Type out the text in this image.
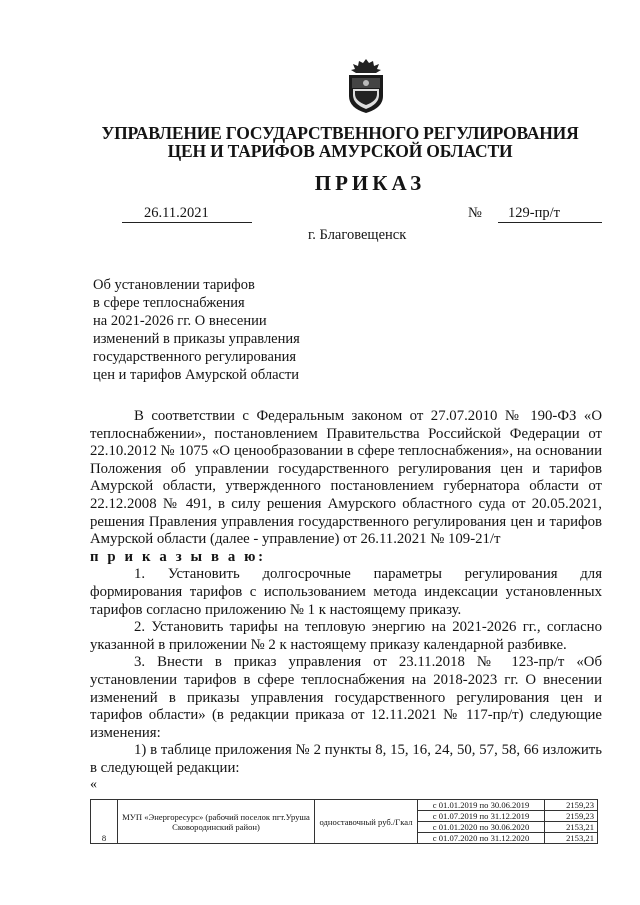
УПРАВЛЕНИЕ ГОСУДАРСТВЕННОГО РЕГУЛИРОВАНИЯ
ЦЕН И ТАРИФОВ АМУРСКОЙ ОБЛАСТИ
ПРИКАЗ
26.11.2021	№	129-пр/т
г. Благовещенск
Об установлении тарифов
в сфере теплоснабжения
на 2021-2026 гг. О внесении
изменений в приказы управления
государственного регулирования
цен и тарифов Амурской области

В соответствии с Федеральным законом от 27.07.2010 № 190-ФЗ «О теплоснабжении», постановлением Правительства Российской Федерации от 22.10.2012 № 1075 «О ценообразовании в сфере теплоснабжения», на основании Положения об управлении государственного регулирования цен и тарифов Амурской области, утвержденного постановлением губернатора области от 22.12.2008 № 491, в силу решения Амурского областного суда от 20.05.2021, решения Правления управления государственного регулирования цен и тарифов Амурской области (далее - управление) от 26.11.2021 № 109-21/т

п р и к а з ы в а ю:

1. Установить долгосрочные параметры регулирования для формирования тарифов с использованием метода индексации установленных тарифов согласно приложению № 1 к настоящему приказу.

2. Установить тарифы на тепловую энергию на 2021-2026 гг., согласно указанной в приложении № 2 к настоящему приказу календарной разбивке.

3. Внести в приказ управления от 23.11.2018 № 123-пр/т «Об установлении тарифов в сфере теплоснабжения на 2018-2023 гг. О внесении изменений в приказы управления государственного регулирования цен и тарифов области» (в редакции приказа от 12.11.2021 № 117-пр/т) следующие изменения:

1) в таблице приложения № 2 пункты 8, 15, 16, 24, 50, 57, 58, 66 изложить в следующей редакции:

«
8	МУП «Энергоресурс» (рабочий поселок пгт.Уруша Сковородинский район)	одноставочный руб./Гкал	с 01.01.2019 по 30.06.2019	2159,23
			с 01.07.2019 по 31.12.2019	2159,23
			с 01.01.2020 по 30.06.2020	2153,21
			с 01.07.2020 по 31.12.2020	2153,21
